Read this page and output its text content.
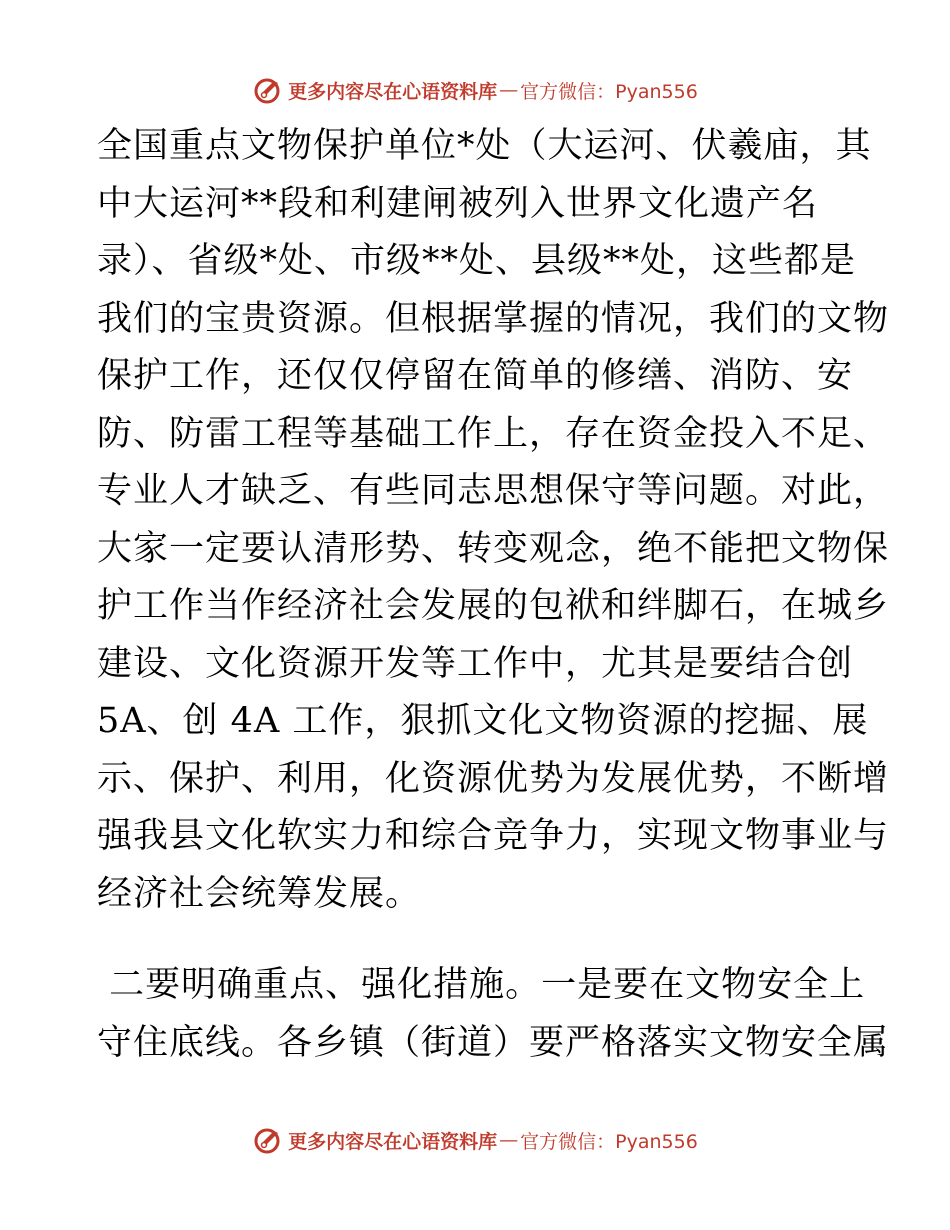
更多内容尽在心语资料库 — 官方微信：Pyan556
全国重点文物保护单位*处（大运河、伏羲庙，其
中大运河**段和利建闸被列入世界文化遗产名
录）、省级*处、市级**处、县级**处，这些都是
我们的宝贵资源。但根据掌握的情况，我们的文物
保护工作，还仅仅停留在简单的修缮、消防、安
防、防雷工程等基础工作上，存在资金投入不足、
专业人才缺乏、有些同志思想保守等问题。对此，
大家一定要认清形势、转变观念，绝不能把文物保
护工作当作经济社会发展的包袱和绊脚石，在城乡
建设、文化资源开发等工作中，尤其是要结合创
5A、创 4A 工作，狠抓文化文物资源的挖掘、展
示、保护、利用，化资源优势为发展优势，不断增
强我县文化软实力和综合竞争力，实现文物事业与
经济社会统筹发展。
二要明确重点、强化措施。一是要在文物安全上
守住底线。各乡镇（街道）要严格落实文物安全属
更多内容尽在心语资料库 — 官方微信：Pyan556
